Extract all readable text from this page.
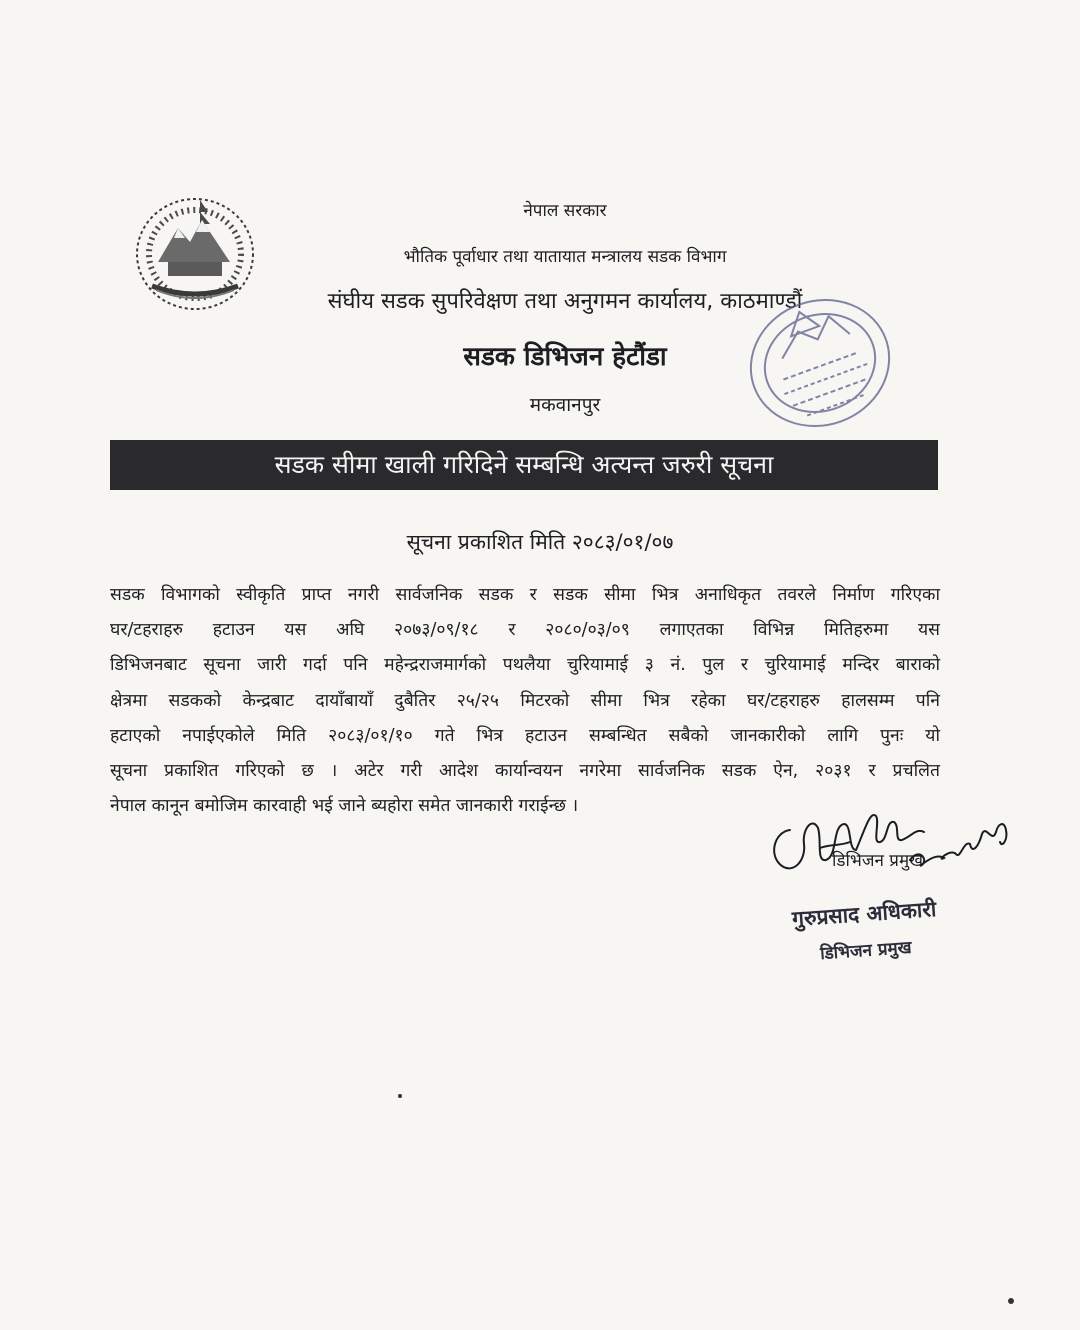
नेपाल सरकार
भौतिक पूर्वाधार तथा यातायात मन्त्रालय सडक विभाग
संघीय सडक सुपरिवेक्षण तथा अनुगमन कार्यालय, काठमाण्डौं
सडक डिभिजन हेटौंडा
मकवानपुर
सडक सीमा खाली गरिदिने सम्बन्धि अत्यन्त जरुरी सूचना
सूचना प्रकाशित मिति २०८३/०१/०७

सडक विभागको स्वीकृति प्राप्त नगरी सार्वजनिक सडक र सडक सीमा भित्र अनाधिकृत तवरले निर्माण गरिएका

घर/टहराहरु हटाउन यस अघि २०७३/०९/१८ र २०८०/०३/०९ लगाएतका विभिन्न मितिहरुमा यस

डिभिजनबाट सूचना जारी गर्दा पनि महेन्द्रराजमार्गको पथलैया चुरियामाई ३ नं. पुल र चुरियामाई मन्दिर बाराको

क्षेत्रमा सडकको केन्द्रबाट दायाँबायाँ दुबैतिर २५/२५ मिटरको सीमा भित्र रहेका घर/टहराहरु हालसम्म पनि

हटाएको नपाईएकोले मिति २०८३/०१/१० गते भित्र हटाउन सम्बन्धित सबैको जानकारीको लागि पुनः यो

सूचना प्रकाशित गरिएको छ । अटेर गरी आदेश कार्यान्वयन नगरेमा सार्वजनिक सडक ऐन, २०३१ र प्रचलित

नेपाल कानून बमोजिम कारवाही भई जाने ब्यहोरा समेत जानकारी गराईन्छ ।

डिभिजन प्रमुख
गुरुप्रसाद अधिकारी
डिभिजन प्रमुख
